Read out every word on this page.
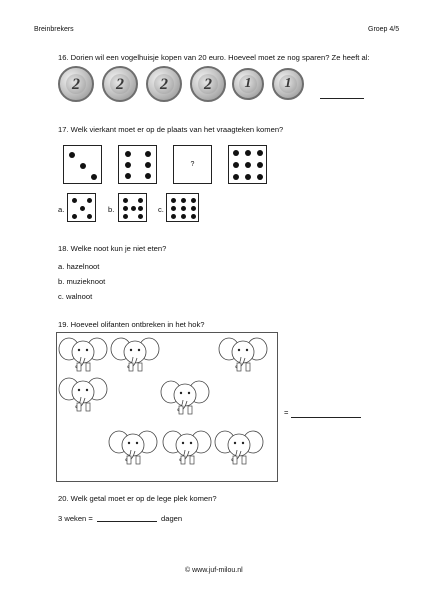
Breinbrekers	Groep 4/5
16. Dorien wil een vogelhuisje kopen van 20 euro. Hoeveel moet ze nog sparen? Ze heeft al:
2	2	2	2	1	1
17. Welk vierkant moet er op de plaats van het vraagteken komen?
?
a.	b.	c.
18. Welke noot kun je niet eten?
a. hazelnoot
b. muzieknoot
c. walnoot
19. Hoeveel olifanten ontbreken in het hok?
=
20. Welk getal moet er op de lege plek komen?
3 weken =	dagen
© www.juf-milou.nl
